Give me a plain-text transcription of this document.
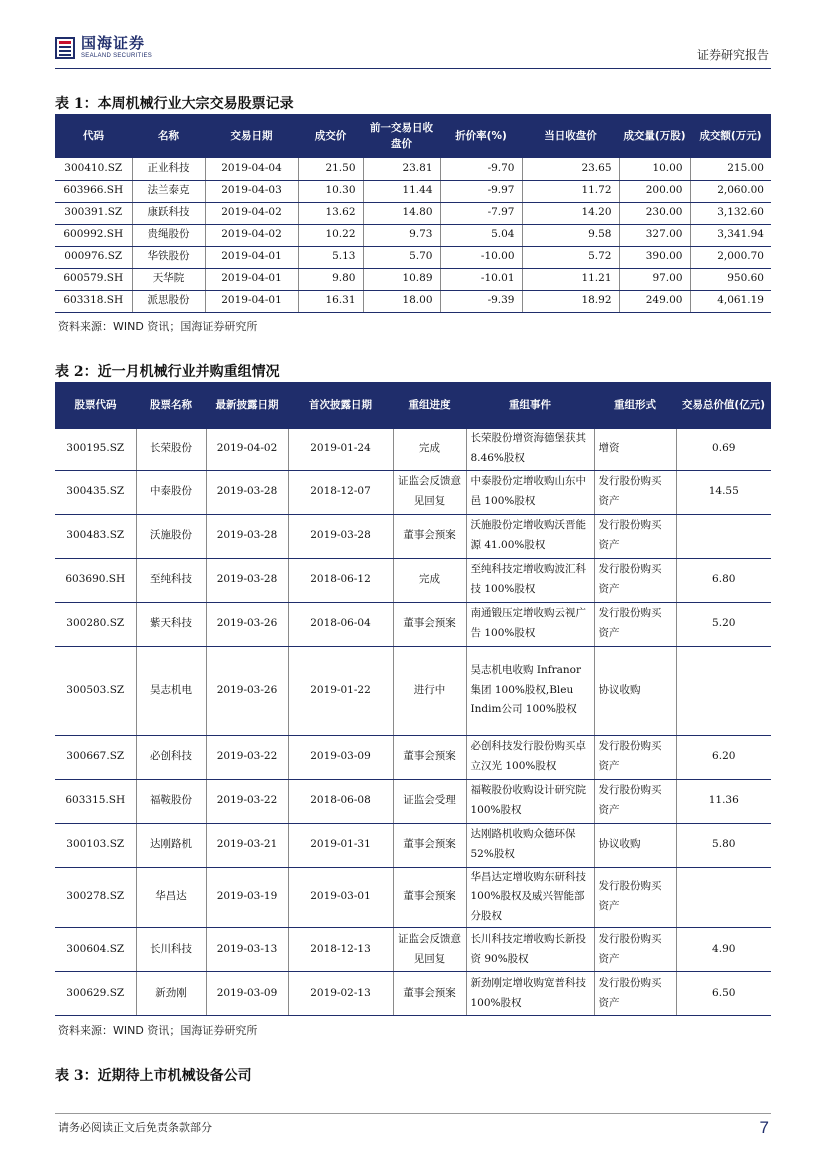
国海证券
SEALAND SECURITIES	证券研究报告
表 1：本周机械行业大宗交易股票记录
代码	名称	交易日期	成交价	前一交易日收盘价	折价率(%)	当日收盘价	成交量(万股)	成交额(万元)
300410.SZ	正业科技	2019-04-04	21.50	23.81	-9.70	23.65	10.00	215.00
603966.SH	法兰泰克	2019-04-03	10.30	11.44	-9.97	11.72	200.00	2,060.00
300391.SZ	康跃科技	2019-04-02	13.62	14.80	-7.97	14.20	230.00	3,132.60
600992.SH	贵绳股份	2019-04-02	10.22	9.73	5.04	9.58	327.00	3,341.94
000976.SZ	华铁股份	2019-04-01	5.13	5.70	-10.00	5.72	390.00	2,000.70
600579.SH	天华院	2019-04-01	9.80	10.89	-10.01	11.21	97.00	950.60
603318.SH	派思股份	2019-04-01	16.31	18.00	-9.39	18.92	249.00	4,061.19
资料来源：WIND 资讯；国海证券研究所
表 2：近一月机械行业并购重组情况
股票代码	股票名称	最新披露日期	首次披露日期	重组进度	重组事件	重组形式	交易总价值(亿元)
300195.SZ	长荣股份	2019-04-02	2019-01-24	完成	长荣股份增资海德堡获其 8.46%股权	增资	0.69
300435.SZ	中泰股份	2019-03-28	2018-12-07	证监会反馈意见回复	中泰股份定增收购山东中邑 100%股权	发行股份购买资产	14.55
300483.SZ	沃施股份	2019-03-28	2019-03-28	董事会预案	沃施股份定增收购沃晋能源 41.00%股权	发行股份购买资产	
603690.SH	至纯科技	2019-03-28	2018-06-12	完成	至纯科技定增收购波汇科技 100%股权	发行股份购买资产	6.80
300280.SZ	紫天科技	2019-03-26	2018-06-04	董事会预案	南通锻压定增收购云视广告 100%股权	发行股份购买资产	5.20
300503.SZ	昊志机电	2019-03-26	2019-01-22	进行中	昊志机电收购 Infranor 集团 100%股权,Bleu Indim公司 100%股权	协议收购	
300667.SZ	必创科技	2019-03-22	2019-03-09	董事会预案	必创科技发行股份购买卓立汉光 100%股权	发行股份购买资产	6.20
603315.SH	福鞍股份	2019-03-22	2018-06-08	证监会受理	福鞍股份收购设计研究院 100%股权	发行股份购买资产	11.36
300103.SZ	达刚路机	2019-03-21	2019-01-31	董事会预案	达刚路机收购众德环保 52%股权	协议收购	5.80
300278.SZ	华昌达	2019-03-19	2019-03-01	董事会预案	华昌达定增收购东研科技 100%股权及威兴智能部分股权	发行股份购买资产	
300604.SZ	长川科技	2019-03-13	2018-12-13	证监会反馈意见回复	长川科技定增收购长新投资 90%股权	发行股份购买资产	4.90
300629.SZ	新劲刚	2019-03-09	2019-02-13	董事会预案	新劲刚定增收购宽普科技 100%股权	发行股份购买资产	6.50
资料来源：WIND 资讯；国海证券研究所
表 3：近期待上市机械设备公司
请务必阅读正文后免责条款部分	7
